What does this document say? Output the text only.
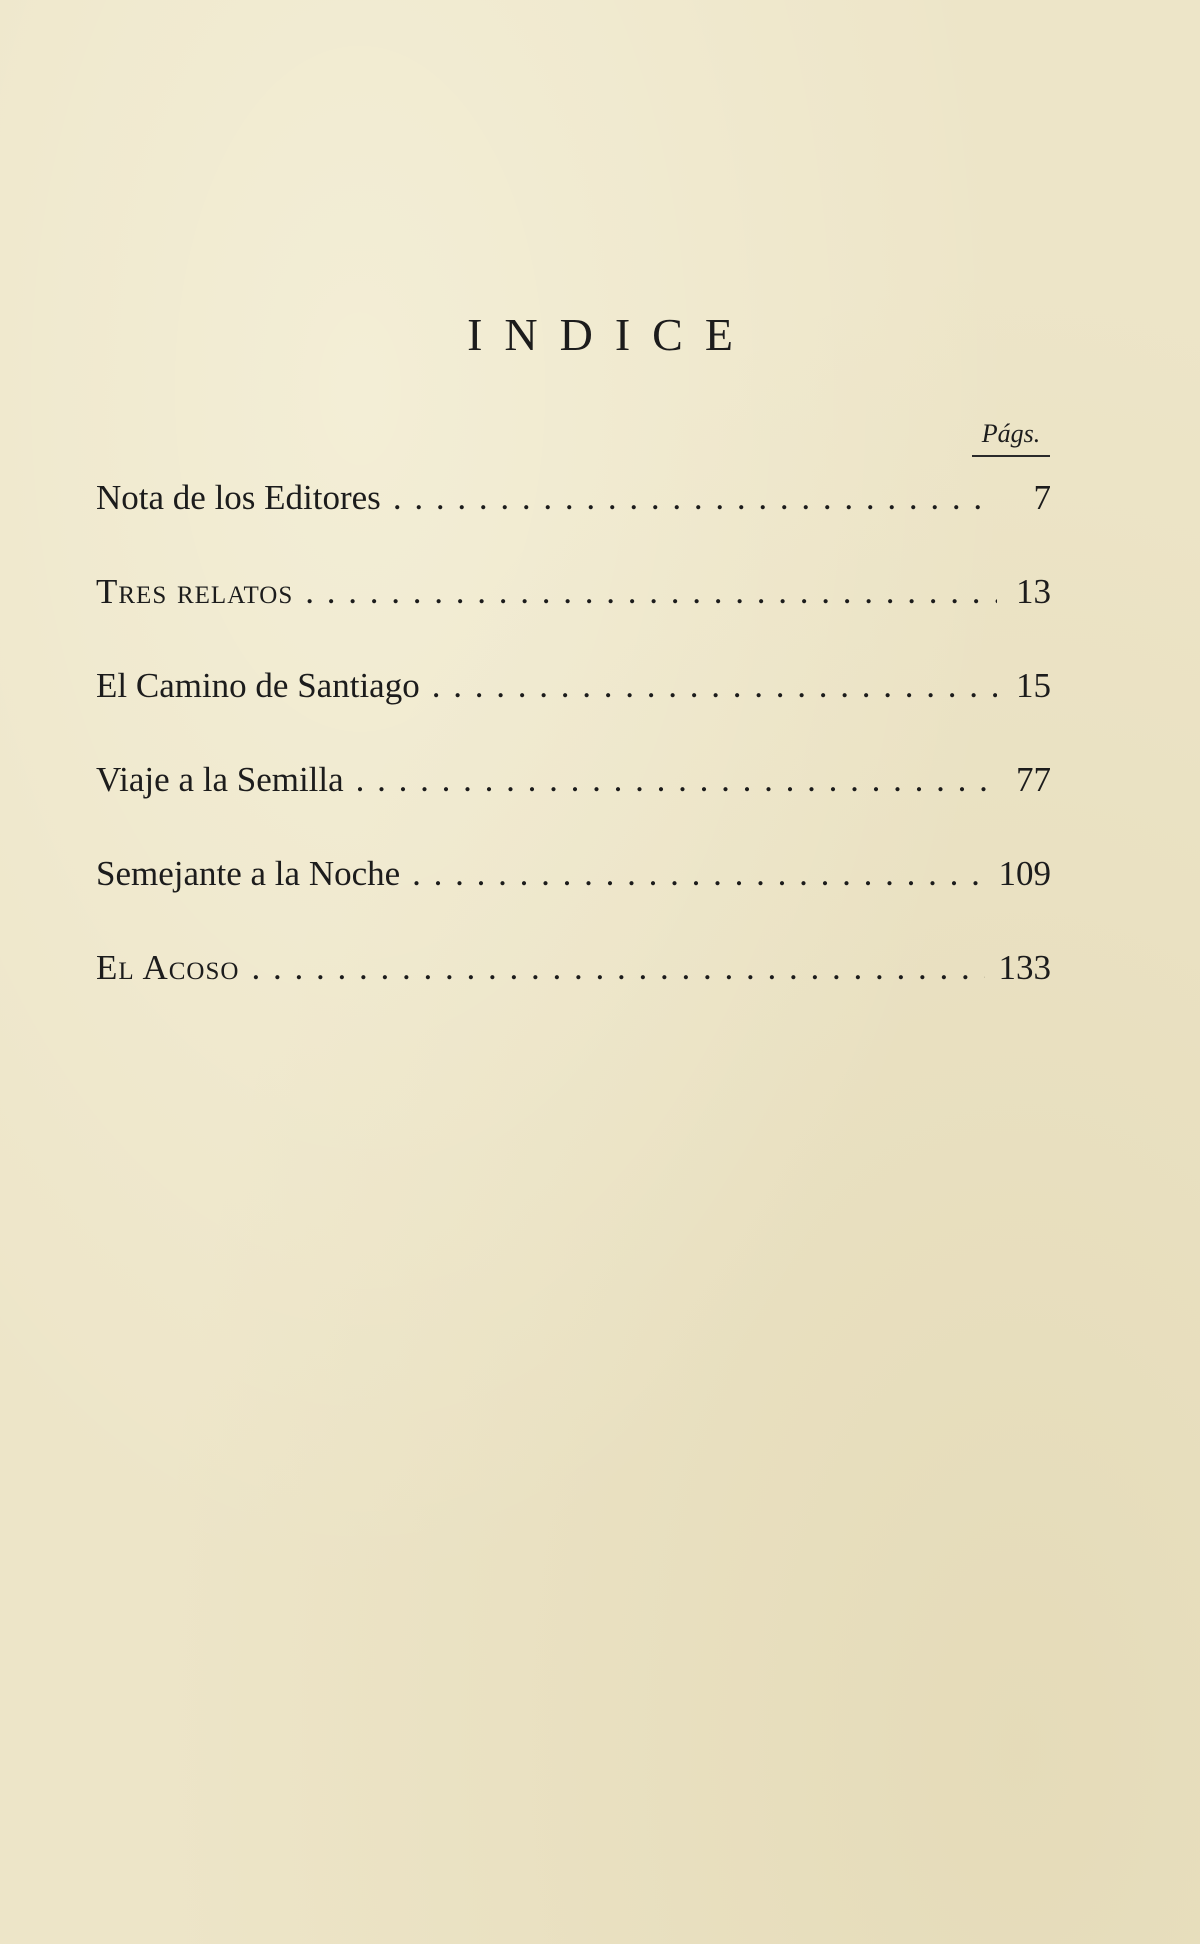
INDICE
Págs.
Nota de los Editores . . .	7
Tres relatos . . .	13
El Camino de Santiago . . .	15
Viaje a la Semilla . . .	77
Semejante a la Noche . . .	109
El Acoso . . .	133
